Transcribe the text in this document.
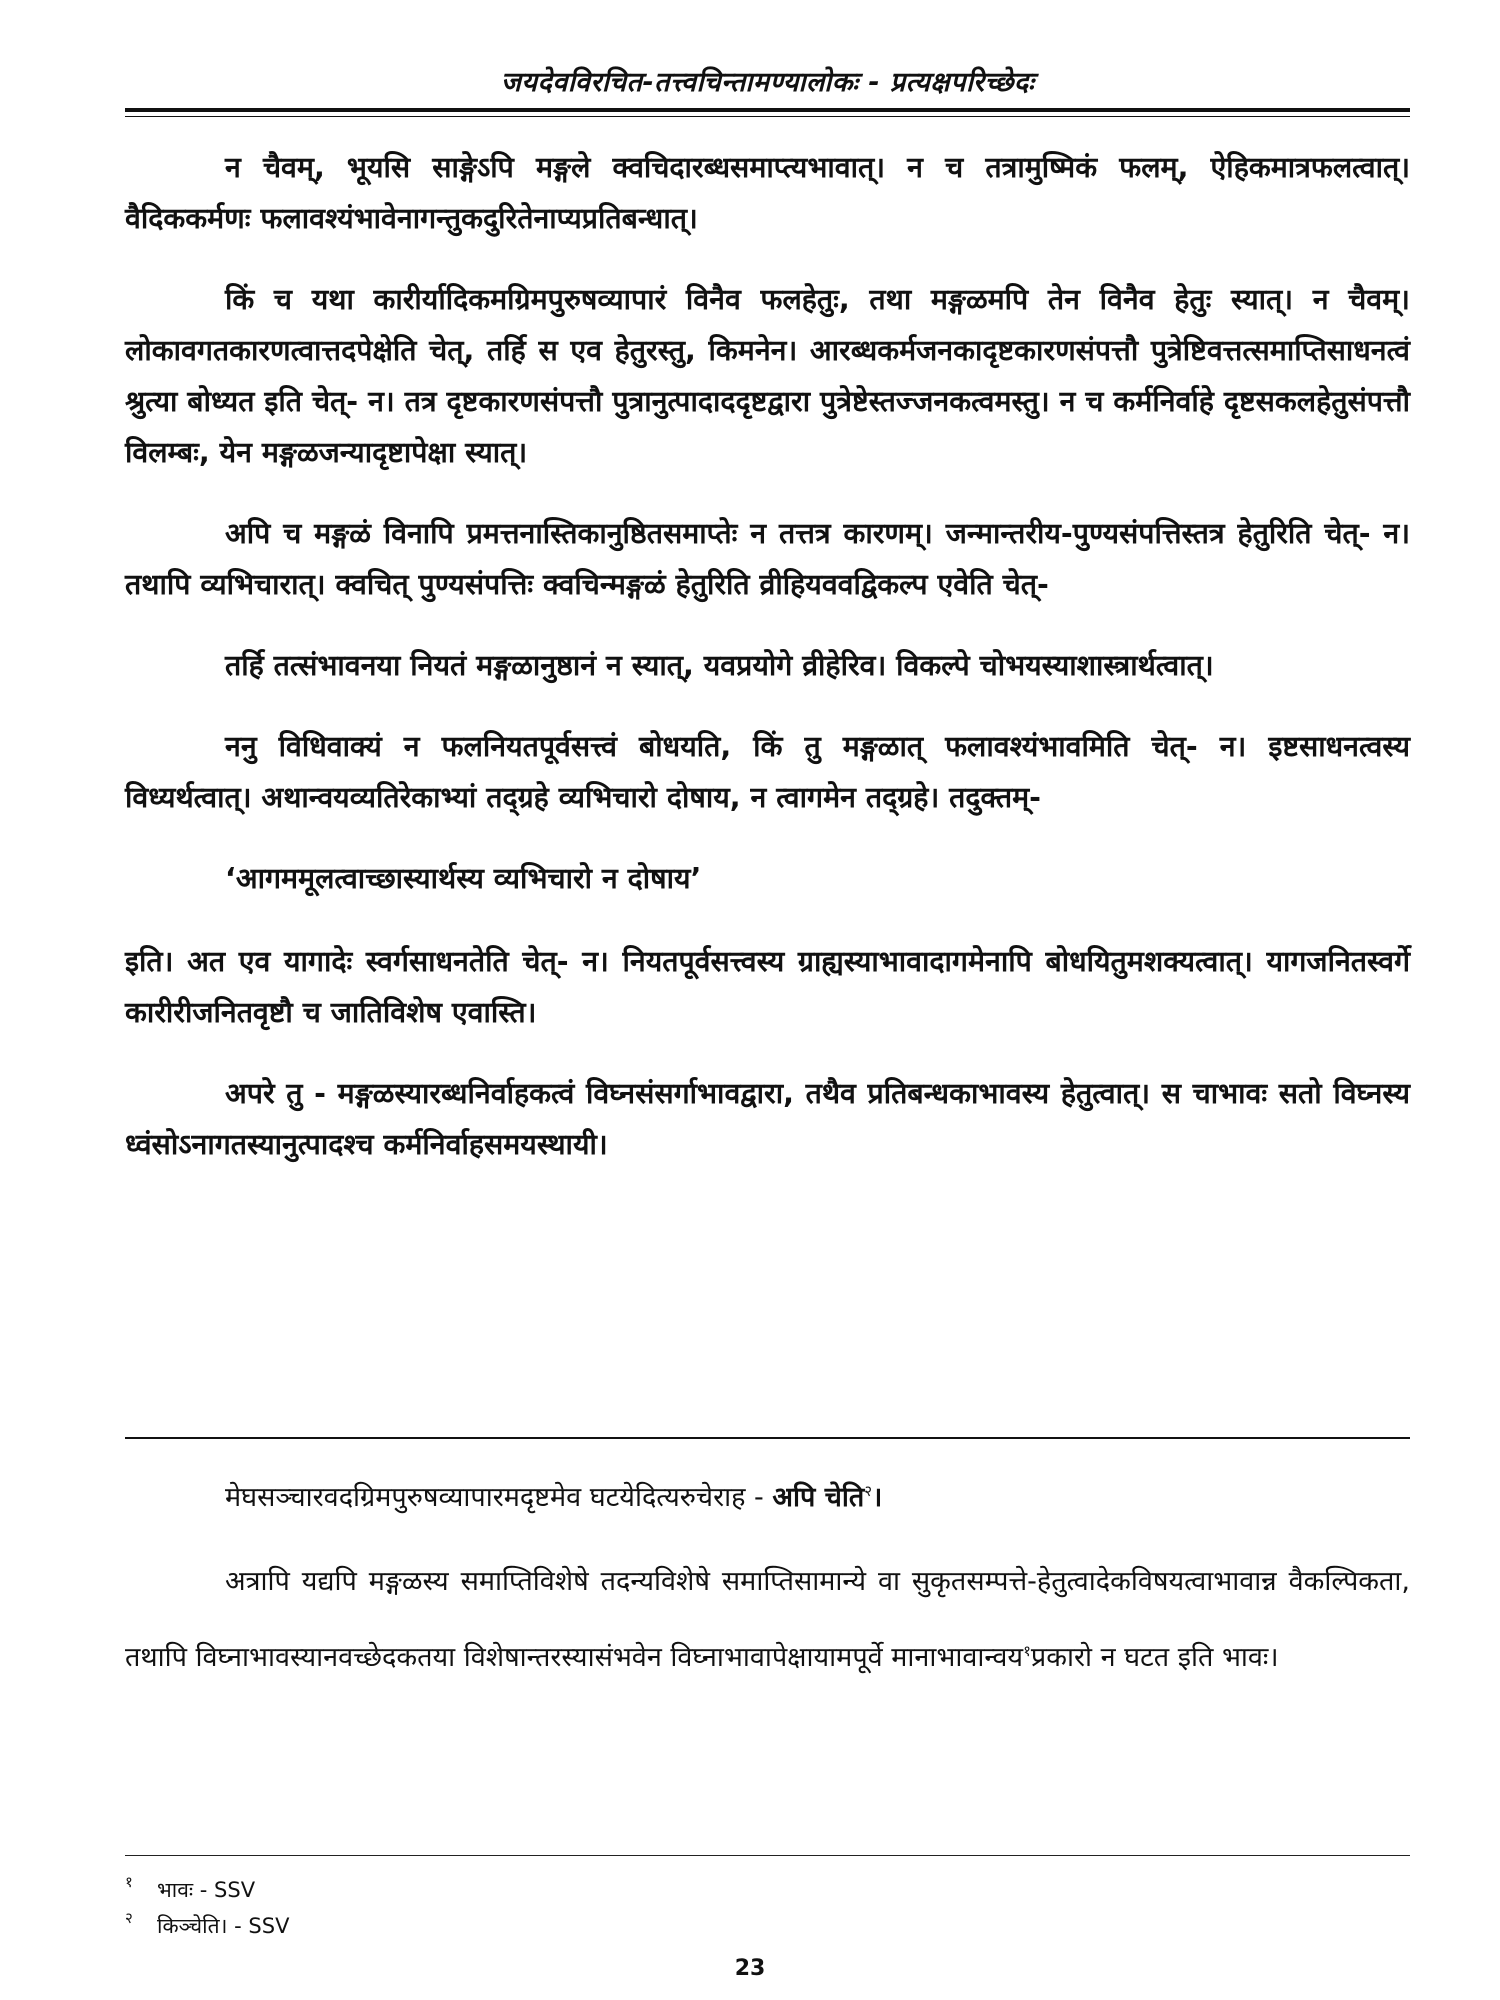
जयदेवविरचित-तत्त्वचिन्तामण्यालोकः - प्रत्यक्षपरिच्छेदः

न चैवम्, भूयसि साङ्गेऽपि मङ्गले क्वचिदारब्धसमाप्त्यभावात्। न च तत्रामुष्मिकं फलम्, ऐहिकमात्रफलत्वात्। वैदिककर्मणः फलावश्यंभावेनागन्तुकदुरितेनाप्यप्रतिबन्धात्।

किं च यथा कारीर्यादिकमग्रिमपुरुषव्यापारं विनैव फलहेतुः, तथा मङ्गळमपि तेन विनैव हेतुः स्यात्। न चैवम्। लोकावगतकारणत्वात्तदपेक्षेति चेत्, तर्हि स एव हेतुरस्तु, किमनेन। आरब्धकर्मजनकादृष्टकारणसंपत्तौ पुत्रेष्टिवत्तत्समाप्तिसाधनत्वं श्रुत्या बोध्यत इति चेत्- न। तत्र दृष्टकारणसंपत्तौ पुत्रानुत्पादाददृष्टद्वारा पुत्रेष्टेस्तज्जनकत्वमस्तु। न च कर्मनिर्वाहे दृष्टसकलहेतुसंपत्तौ विलम्बः, येन मङ्गळजन्यादृष्टापेक्षा स्यात्।

अपि च मङ्गळं विनापि प्रमत्तनास्तिकानुष्ठितसमाप्तेः न तत्तत्र कारणम्। जन्मान्तरीय-पुण्यसंपत्तिस्तत्र हेतुरिति चेत्- न। तथापि व्यभिचारात्। क्वचित् पुण्यसंपत्तिः क्वचिन्मङ्गळं हेतुरिति व्रीहियववद्विकल्प एवेति चेत्-

तर्हि तत्संभावनया नियतं मङ्गळानुष्ठानं न स्यात्, यवप्रयोगे व्रीहेरिव। विकल्पे चोभयस्याशास्त्रार्थत्वात्।

ननु विधिवाक्यं न फलनियतपूर्वसत्त्वं बोधयति, किं तु मङ्गळात् फलावश्यंभावमिति चेत्- न। इष्टसाधनत्वस्य विध्यर्थत्वात्। अथान्वयव्यतिरेकाभ्यां तद्ग्रहे व्यभिचारो दोषाय, न त्वागमेन तद्ग्रहे। तदुक्तम्-

‘आगममूलत्वाच्छास्यार्थस्य व्यभिचारो न दोषाय’

इति। अत एव यागादेः स्वर्गसाधनतेति चेत्- न। नियतपूर्वसत्त्वस्य ग्राह्यस्याभावादागमेनापि बोधयितुमशक्यत्वात्। यागजनितस्वर्गे कारीरीजनितवृष्टौ च जातिविशेष एवास्ति।

अपरे तु - मङ्गळस्यारब्धनिर्वाहकत्वं विघ्नसंसर्गाभावद्वारा, तथैव प्रतिबन्धकाभावस्य हेतुत्वात्। स चाभावः सतो विघ्नस्य ध्वंसोऽनागतस्यानुत्पादश्च कर्मनिर्वाहसमयस्थायी।

मेघसञ्चारवदग्रिमपुरुषव्यापारमदृष्टमेव घटयेदित्यरुचेराह - अपि चेति$^२$।

अत्रापि यद्यपि मङ्गळस्य समाप्तिविशेषे तदन्यविशेषे समाप्तिसामान्ये वा सुकृतसम्पत्ते-हेतुत्वादेकविषयत्वाभावान्न वैकल्पिकता, तथापि विघ्नाभावस्यानवच्छेदकतया विशेषान्तरस्यासंभवेन विघ्नाभावापेक्षायामपूर्वे मानाभावान्वय$^१$प्रकारो न घटत इति भावः।

१	भावः - SSV
२	किञ्चेति। - SSV
23
